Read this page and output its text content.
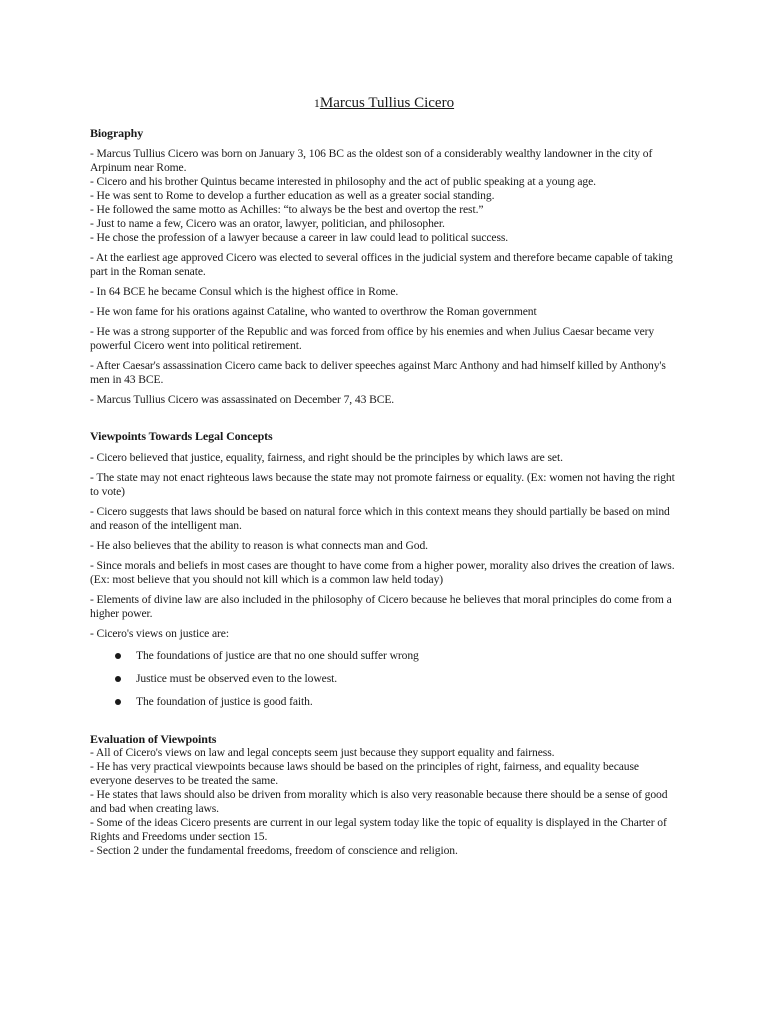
1Marcus Tullius Cicero
Biography

- Marcus Tullius Cicero was born on January 3, 106 BC as the oldest son of a considerably wealthy landowner in the city of Arpinum near Rome.

- Cicero and his brother Quintus became interested in philosophy and the act of public speaking at a young age.

- He was sent to Rome to develop a further education as well as a greater social standing.

- He followed the same motto as Achilles: “to always be the best and overtop the rest.”

- Just to name a few, Cicero was an orator, lawyer, politician, and philosopher.

- He chose the profession of a lawyer because a career in law could lead to political success.

- At the earliest age approved Cicero was elected to several offices in the judicial system and therefore became capable of taking part in the Roman senate.

- In 64 BCE he became Consul which is the highest office in Rome.

- He won fame for his orations against Cataline, who wanted to overthrow the Roman government

- He was a strong supporter of the Republic and was forced from office by his enemies and when Julius Caesar became very powerful Cicero went into political retirement.

- After Caesar's assassination Cicero came back to deliver speeches against Marc Anthony and had himself killed by Anthony's men in 43 BCE.

- Marcus Tullius Cicero was assassinated on December 7, 43 BCE.

Viewpoints Towards Legal Concepts

- Cicero believed that justice, equality, fairness, and right should be the principles by which laws are set.

- The state may not enact righteous laws because the state may not promote fairness or equality. (Ex: women not having the right to vote)

- Cicero suggests that laws should be based on natural force which in this context means they should partially be based on mind and reason of the intelligent man.

- He also believes that the ability to reason is what connects man and God.

- Since morals and beliefs in most cases are thought to have come from a higher power, morality also drives the creation of laws. (Ex: most believe that you should not kill which is a common law held today)

- Elements of divine law are also included in the philosophy of Cicero because he believes that moral principles do come from a higher power.

- Cicero's views on justice are:

The foundations of justice are that no one should suffer wrong
Justice must be observed even to the lowest.
The foundation of justice is good faith.
Evaluation of Viewpoints

- All of Cicero's views on law and legal concepts seem just because they support equality and fairness.

- He has very practical viewpoints because laws should be based on the principles of right, fairness, and equality because everyone deserves to be treated the same.

- He states that laws should also be driven from morality which is also very reasonable because there should be a sense of good and bad when creating laws.

- Some of the ideas Cicero presents are current in our legal system today like the topic of equality is displayed in the Charter of Rights and Freedoms under section 15.

- Section 2 under the fundamental freedoms, freedom of conscience and religion.
